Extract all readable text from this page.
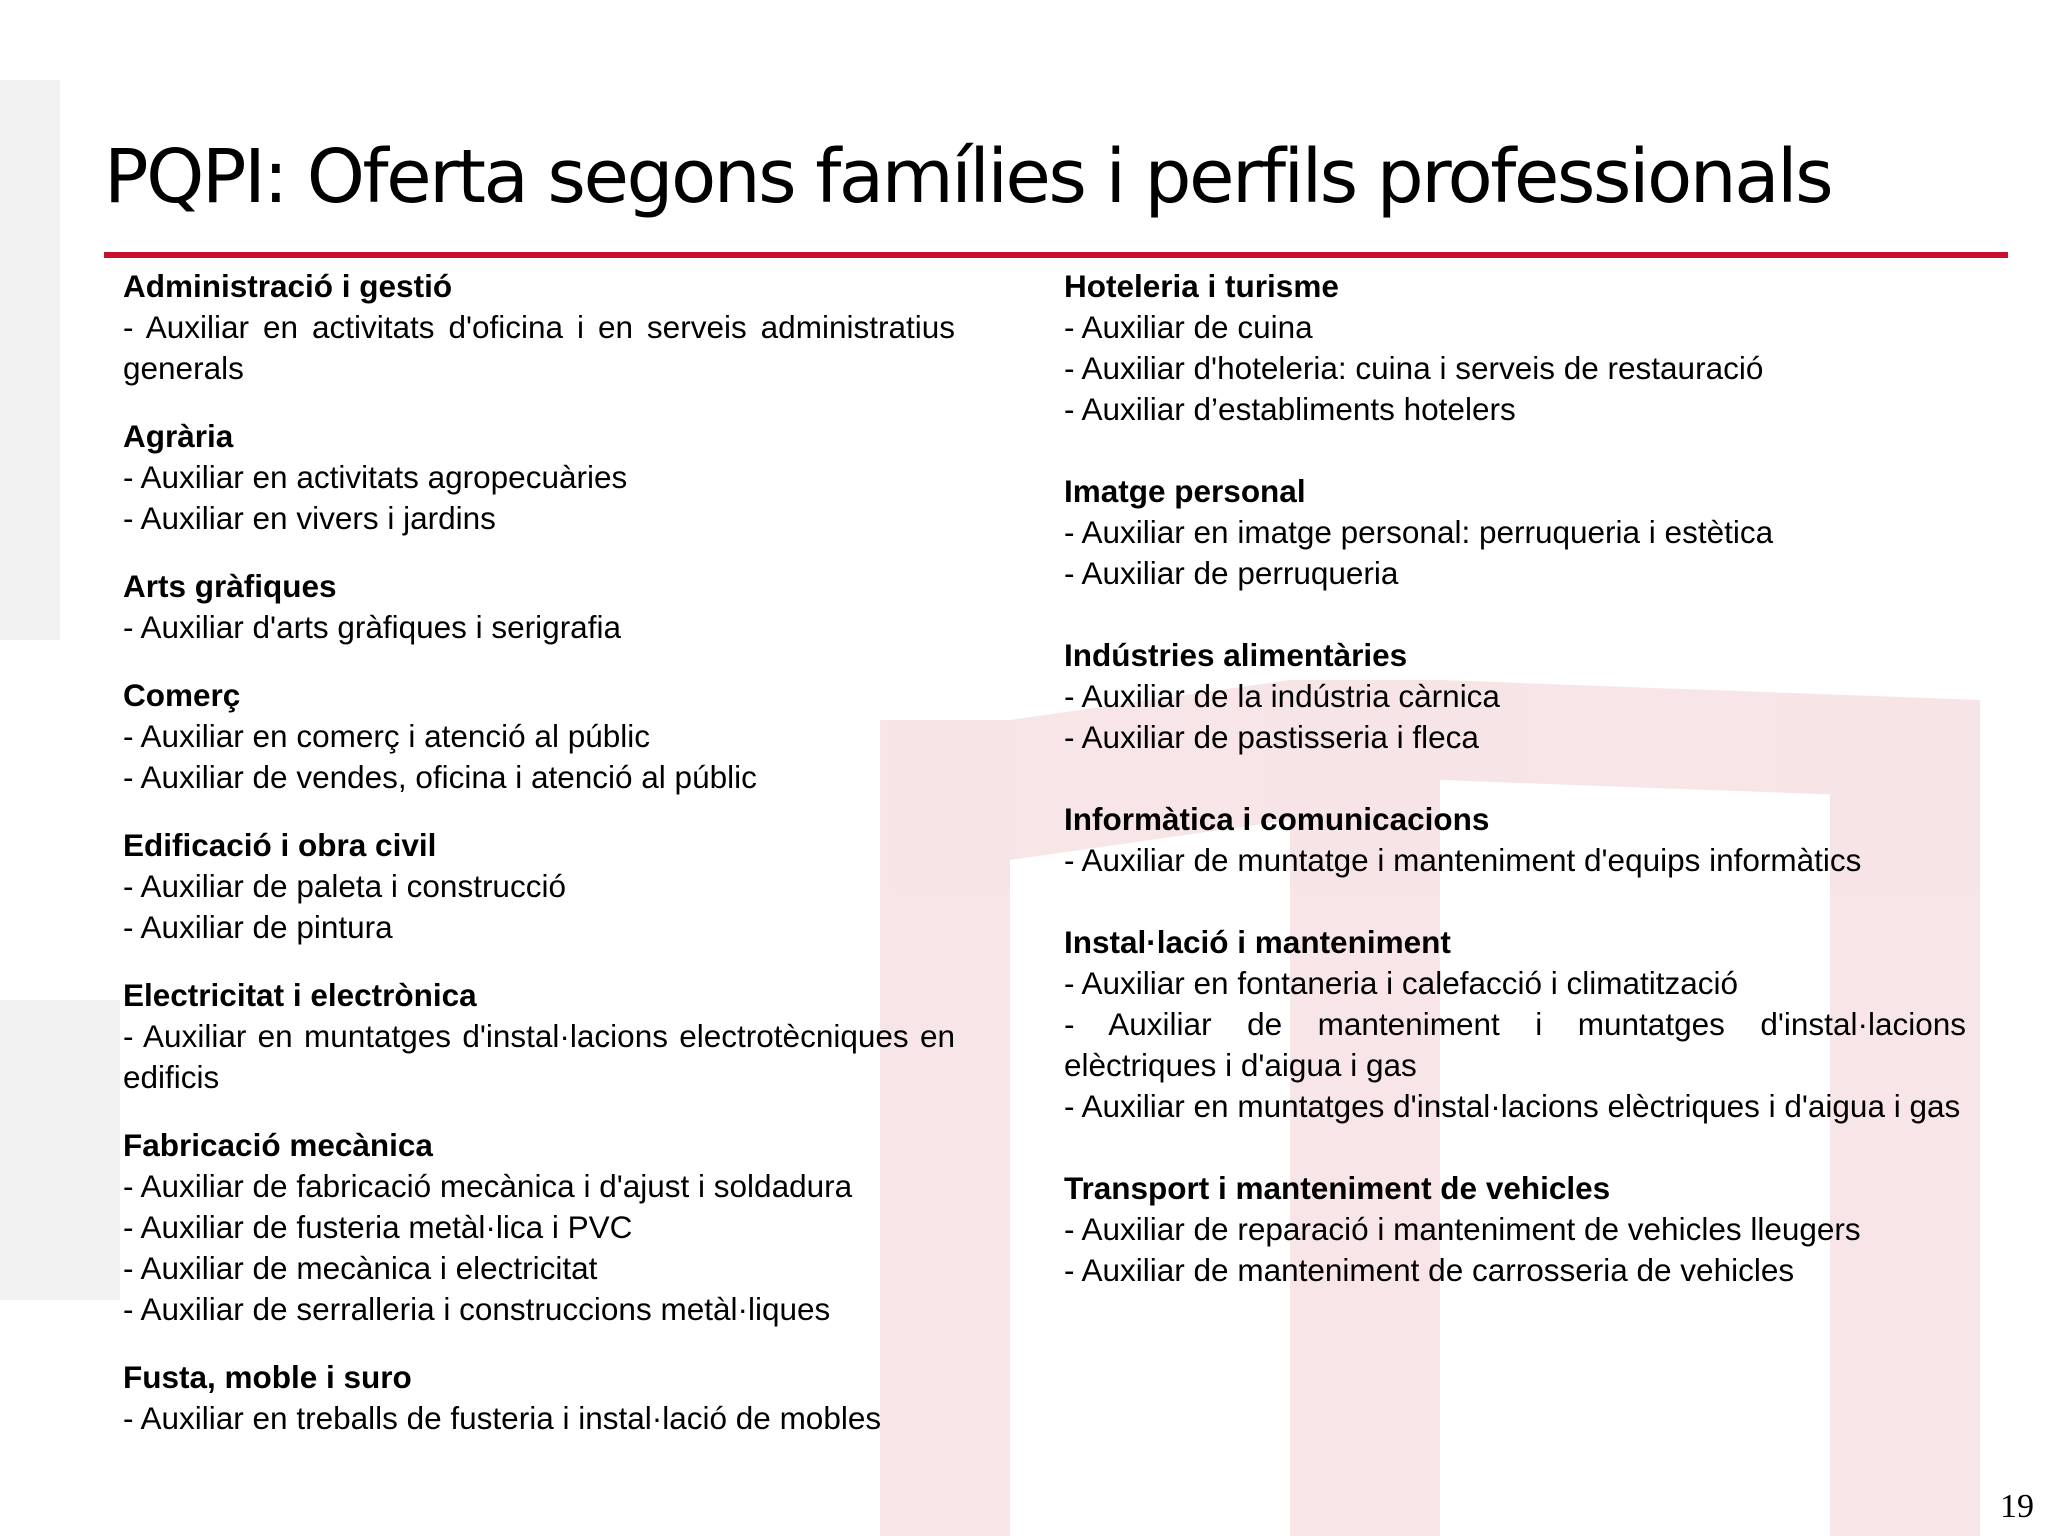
PQPI: Oferta segons famílies i perfils professionals
Administració i gestió
- Auxiliar en activitats d'oficina i en serveis administratius generals
Agrària
- Auxiliar en activitats agropecuàries
- Auxiliar en vivers i jardins
Arts gràfiques
- Auxiliar d'arts gràfiques i serigrafia
Comerç
- Auxiliar en comerç i atenció al públic
- Auxiliar de vendes, oficina i atenció al públic
Edificació i obra civil
- Auxiliar de paleta i construcció
- Auxiliar de pintura
Electricitat i electrònica
- Auxiliar en muntatges d'instal·lacions electrotècniques en edificis
Fabricació mecànica
- Auxiliar de fabricació mecànica i d'ajust i soldadura
- Auxiliar de fusteria metàl·lica i PVC
- Auxiliar de mecànica i electricitat
- Auxiliar de serralleria i construccions metàl·liques
Fusta, moble i suro
- Auxiliar en treballs de fusteria i instal·lació de mobles
Hoteleria i turisme
- Auxiliar de cuina
- Auxiliar d'hoteleria: cuina i serveis de restauració
- Auxiliar d’establiments hotelers
Imatge personal
- Auxiliar en imatge personal: perruqueria i estètica
- Auxiliar de perruqueria
Indústries alimentàries
- Auxiliar de la indústria càrnica
- Auxiliar de pastisseria i fleca
Informàtica i comunicacions
- Auxiliar de muntatge i manteniment d'equips informàtics
Instal·lació i manteniment
- Auxiliar en fontaneria i calefacció i climatització
- Auxiliar de manteniment i muntatges d'instal·lacions elèctriques i d'aigua i gas
- Auxiliar en muntatges d'instal·lacions elèctriques i d'aigua i gas
Transport i manteniment de vehicles
- Auxiliar de reparació i manteniment de vehicles lleugers
- Auxiliar de manteniment de carrosseria de vehicles
19
